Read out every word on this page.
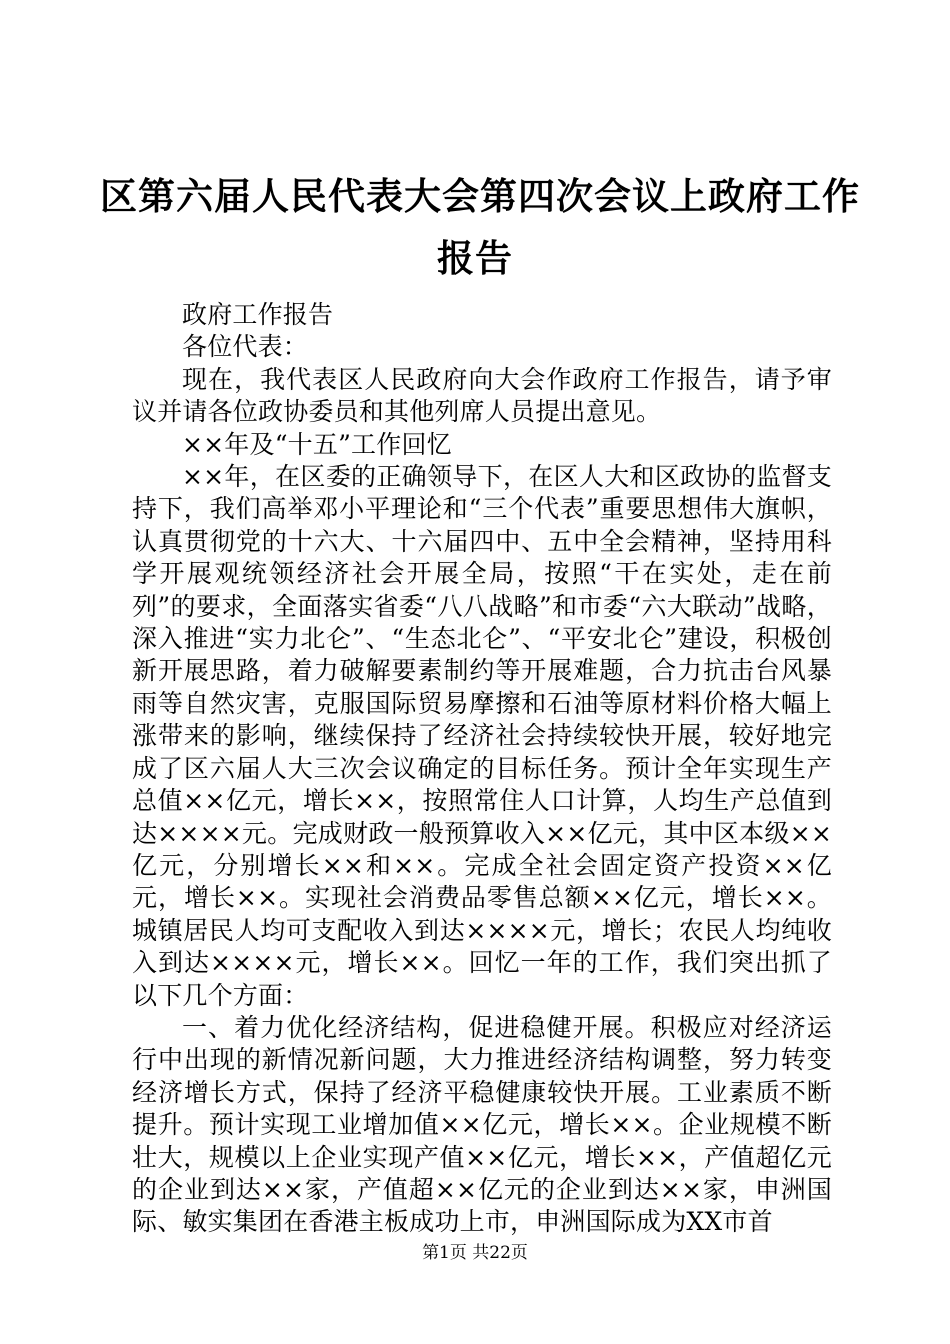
区第六届人民代表大会第四次会议上政府工作
报告

政府工作报告

各位代表：

现在，我代表区人民政府向大会作政府工作报告，请予审议并请各位政协委员和其他列席人员提出意见。

××年及“十五”工作回忆

××年，在区委的正确领导下，在区人大和区政协的监督支持下，我们高举邓小平理论和“三个代表”重要思想伟大旗帜，认真贯彻党的十六大、十六届四中、五中全会精神，坚持用科学开展观统领经济社会开展全局，按照“干在实处，走在前列”的要求，全面落实省委“八八战略”和市委“六大联动”战略，深入推进“实力北仑”、“生态北仑”、“平安北仑”建设，积极创新开展思路，着力破解要素制约等开展难题，合力抗击台风暴雨等自然灾害，克服国际贸易摩擦和石油等原材料价格大幅上涨带来的影响，继续保持了经济社会持续较快开展，较好地完成了区六届人大三次会议确定的目标任务。预计全年实现生产总值××亿元，增长××，按照常住人口计算，人均生产总值到达××××元。完成财政一般预算收入××亿元，其中区本级××亿元，分别增长××和××。完成全社会固定资产投资××亿元，增长××。实现社会消费品零售总额××亿元，增长××。城镇居民人均可支配收入到达××××元，增长；农民人均纯收入到达××××元，增长××。回忆一年的工作，我们突出抓了以下几个方面：

一、着力优化经济结构，促进稳健开展。积极应对经济运行中出现的新情况新问题，大力推进经济结构调整，努力转变经济增长方式，保持了经济平稳健康较快开展。工业素质不断提升。预计实现工业增加值××亿元，增长××。企业规模不断壮大，规模以上企业实现产值××亿元，增长××，产值超亿元的企业到达××家，产值超××亿元的企业到达××家，申洲国际、敏实集团在香港主板成功上市，申洲国际成为XX市首

第1页 共22页
